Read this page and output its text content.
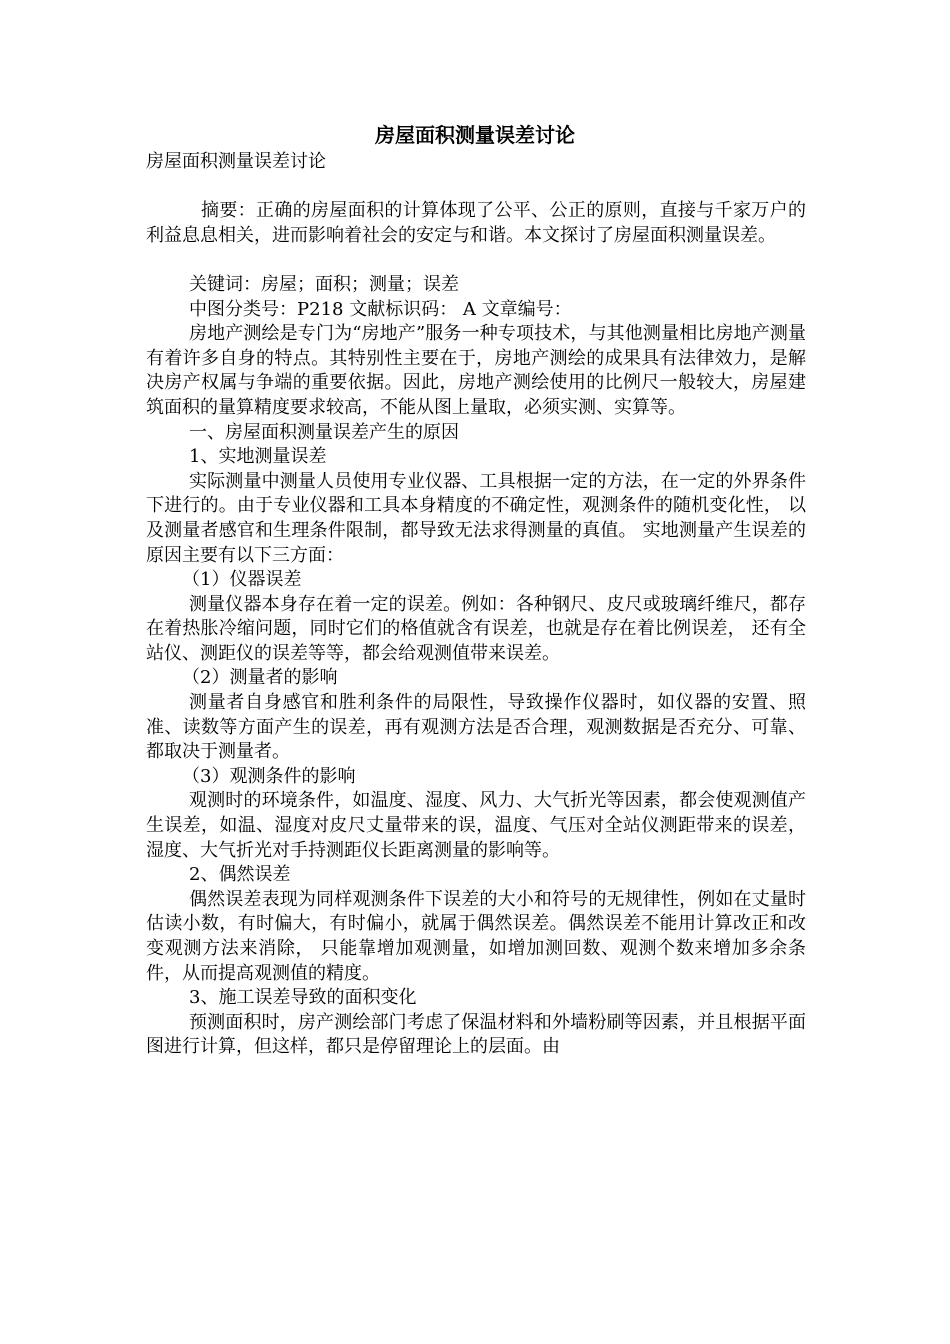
房屋面积测量误差讨论

房屋面积测量误差讨论

摘要：正确的房屋面积的计算体现了公平、公正的原则，直接与千家万户的利益息息相关，进而影响着社会的安定与和谐。本文探讨了房屋面积测量误差。

关键词：房屋；面积；测量；误差

中图分类号：P218 文献标识码： A 文章编号：

房地产测绘是专门为“房地产”服务一种专项技术，与其他测量相比房地产测量有着许多自身的特点。其特别性主要在于，房地产测绘的成果具有法律效力，是解决房产权属与争端的重要依据。因此，房地产测绘使用的比例尺一般较大，房屋建筑面积的量算精度要求较高，不能从图上量取，必须实测、实算等。

一、房屋面积测量误差产生的原因

1、实地测量误差

实际测量中测量人员使用专业仪器、工具根据一定的方法，在一定的外界条件下进行的。由于专业仪器和工具本身精度的不确定性，观测条件的随机变化性， 以及测量者感官和生理条件限制，都导致无法求得测量的真值。 实地测量产生误差的原因主要有以下三方面：

（1）仪器误差

测量仪器本身存在着一定的误差。例如：各种钢尺、皮尺或玻璃纤维尺，都存在着热胀冷缩问题，同时它们的格值就含有误差，也就是存在着比例误差， 还有全站仪、测距仪的误差等等，都会给观测值带来误差。

（2）测量者的影响

测量者自身感官和胜利条件的局限性，导致操作仪器时，如仪器的安置、照准、读数等方面产生的误差，再有观测方法是否合理，观测数据是否充分、可靠、都取决于测量者。

（3）观测条件的影响

观测时的环境条件，如温度、湿度、风力、大气折光等因素，都会使观测值产生误差，如温、湿度对皮尺丈量带来的误，温度、气压对全站仪测距带来的误差，湿度、大气折光对手持测距仪长距离测量的影响等。

2、偶然误差

偶然误差表现为同样观测条件下误差的大小和符号的无规律性，例如在丈量时估读小数，有时偏大，有时偏小，就属于偶然误差。偶然误差不能用计算改正和改变观测方法来消除， 只能靠增加观测量，如增加测回数、观测个数来增加多余条件，从而提高观测值的精度。

3、施工误差导致的面积变化

预测面积时，房产测绘部门考虑了保温材料和外墙粉刷等因素，并且根据平面图进行计算，但这样，都只是停留理论上的层面。由
